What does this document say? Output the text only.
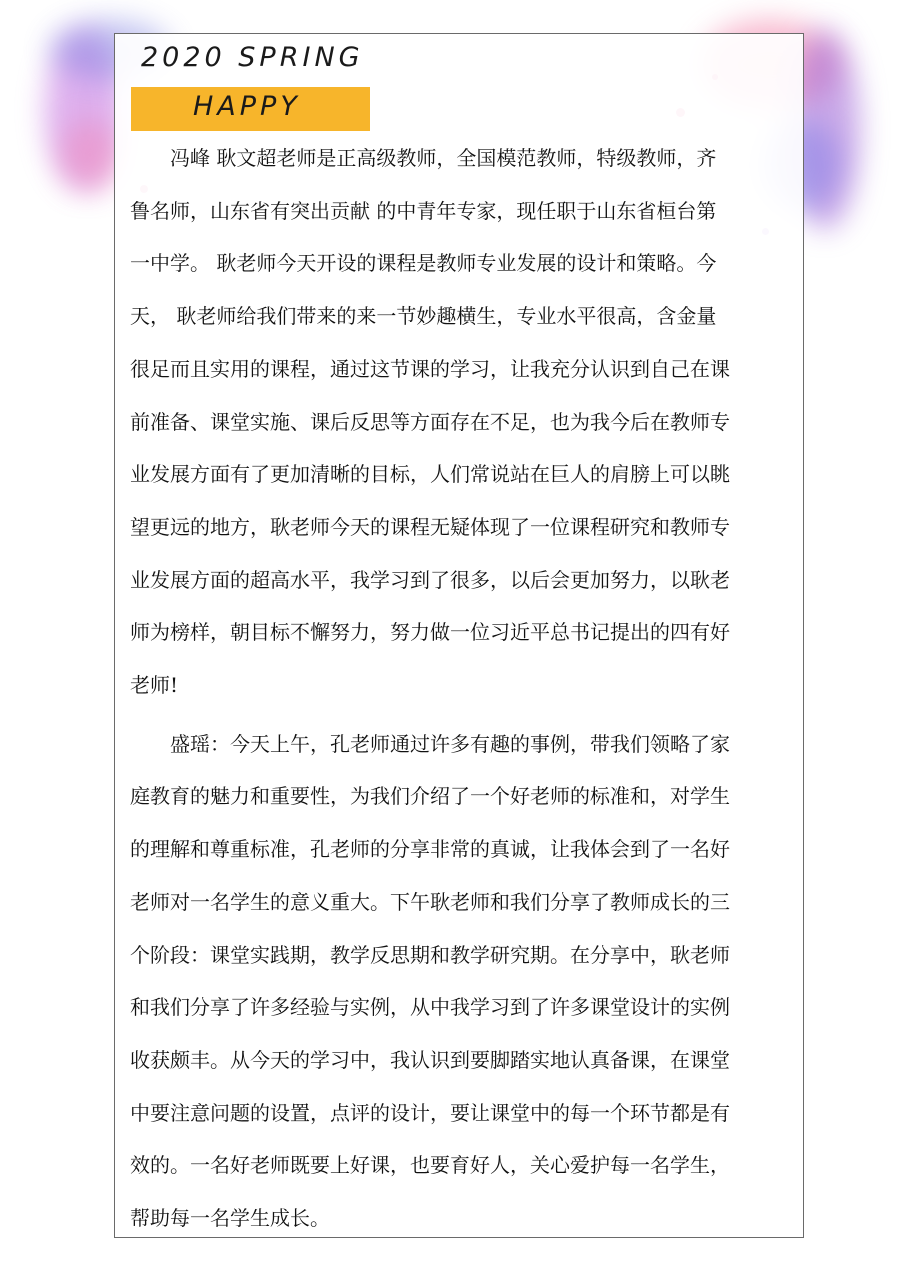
2020 SPRING
HAPPY

　　冯峰 耿文超老师是正高级教师，全国模范教师，特级教师，齐
鲁名师，山东省有突出贡献 的中青年专家，现任职于山东省桓台第
一中学。 耿老师今天开设的课程是教师专业发展的设计和策略。今
天， 耿老师给我们带来的来一节妙趣横生，专业水平很高，含金量
很足而且实用的课程，通过这节课的学习，让我充分认识到自己在课
前准备、课堂实施、课后反思等方面存在不足，也为我今后在教师专
业发展方面有了更加清晰的目标，人们常说站在巨人的肩膀上可以眺
望更远的地方，耿老师今天的课程无疑体现了一位课程研究和教师专
业发展方面的超高水平，我学习到了很多，以后会更加努力，以耿老
师为榜样，朝目标不懈努力，努力做一位习近平总书记提出的四有好
老师!

　　盛瑶：今天上午，孔老师通过许多有趣的事例，带我们领略了家
庭教育的魅力和重要性，为我们介绍了一个好老师的标准和，对学生
的理解和尊重标准，孔老师的分享非常的真诚，让我体会到了一名好
老师对一名学生的意义重大。下午耿老师和我们分享了教师成长的三
个阶段：课堂实践期，教学反思期和教学研究期。在分享中，耿老师
和我们分享了许多经验与实例，从中我学习到了许多课堂设计的实例
收获颇丰。从今天的学习中，我认识到要脚踏实地认真备课，在课堂
中要注意问题的设置，点评的设计，要让课堂中的每一个环节都是有
效的。一名好老师既要上好课，也要育好人，关心爱护每一名学生，
帮助每一名学生成长。
